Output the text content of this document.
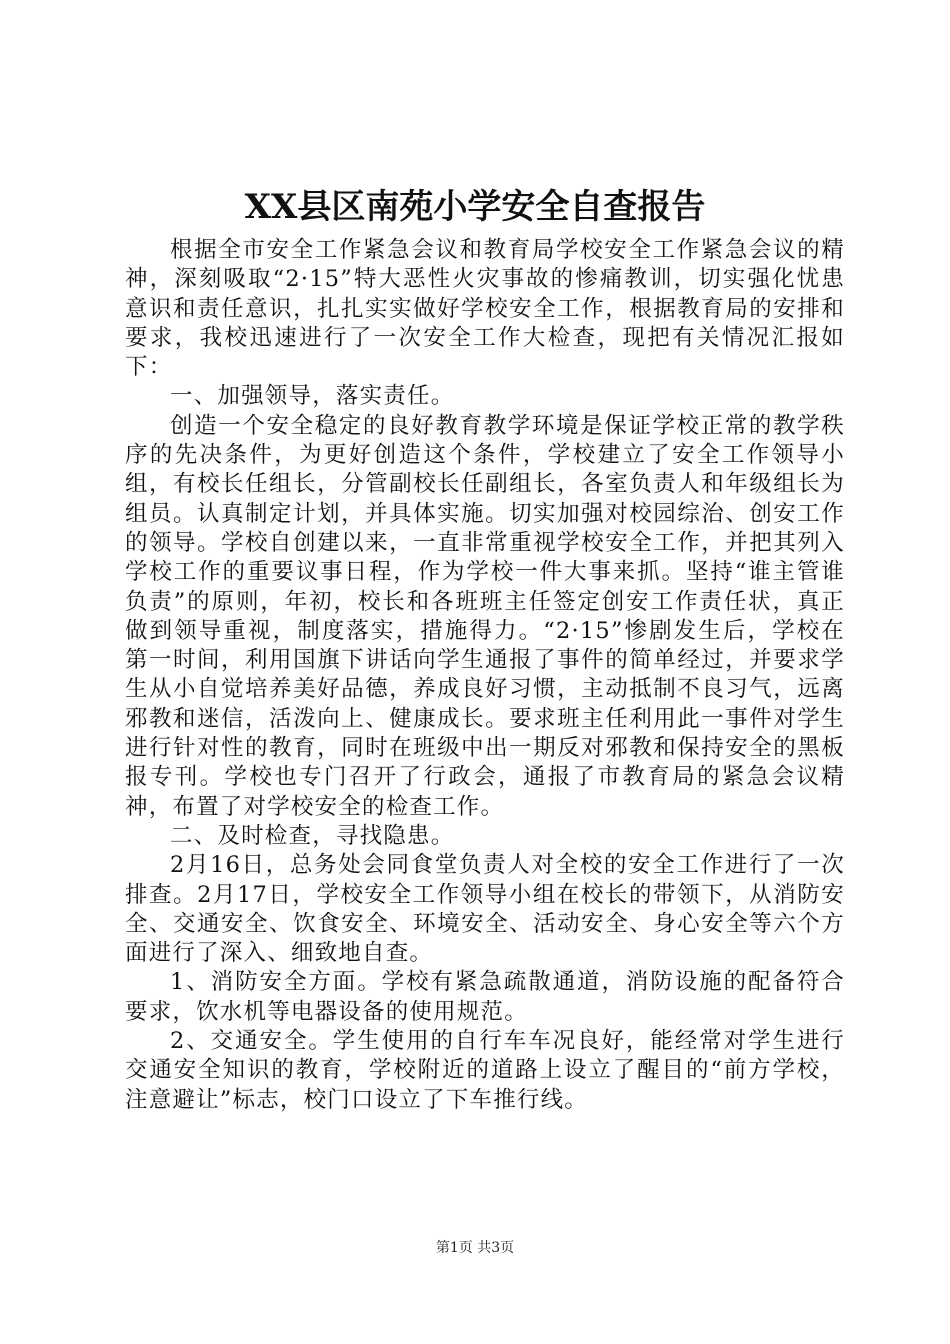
XX县区南苑小学安全自查报告

根据全市安全工作紧急会议和教育局学校安全工作紧急会议的精神，深刻吸取“2·15”特大恶性火灾事故的惨痛教训，切实强化忧患意识和责任意识，扎扎实实做好学校安全工作，根据教育局的安排和要求，我校迅速进行了一次安全工作大检查，现把有关情况汇报如下：

一、加强领导，落实责任。

创造一个安全稳定的良好教育教学环境是保证学校正常的教学秩序的先决条件，为更好创造这个条件，学校建立了安全工作领导小组，有校长任组长，分管副校长任副组长，各室负责人和年级组长为组员。认真制定计划，并具体实施。切实加强对校园综治、创安工作的领导。学校自创建以来，一直非常重视学校安全工作，并把其列入学校工作的重要议事日程，作为学校一件大事来抓。坚持“谁主管谁负责”的原则，年初，校长和各班班主任签定创安工作责任状，真正做到领导重视，制度落实，措施得力。“2·15”惨剧发生后，学校在第一时间，利用国旗下讲话向学生通报了事件的简单经过，并要求学生从小自觉培养美好品德，养成良好习惯，主动抵制不良习气，远离邪教和迷信，活泼向上、健康成长。要求班主任利用此一事件对学生进行针对性的教育，同时在班级中出一期反对邪教和保持安全的黑板报专刊。学校也专门召开了行政会，通报了市教育局的紧急会议精神，布置了对学校安全的检查工作。

二、及时检查，寻找隐患。

2月16日，总务处会同食堂负责人对全校的安全工作进行了一次排查。2月17日，学校安全工作领导小组在校长的带领下，从消防安全、交通安全、饮食安全、环境安全、活动安全、身心安全等六个方面进行了深入、细致地自查。

1、消防安全方面。学校有紧急疏散通道，消防设施的配备符合要求，饮水机等电器设备的使用规范。

2、交通安全。学生使用的自行车车况良好，能经常对学生进行交通安全知识的教育，学校附近的道路上设立了醒目的“前方学校，注意避让”标志，校门口设立了下车推行线。

第1页 共3页
